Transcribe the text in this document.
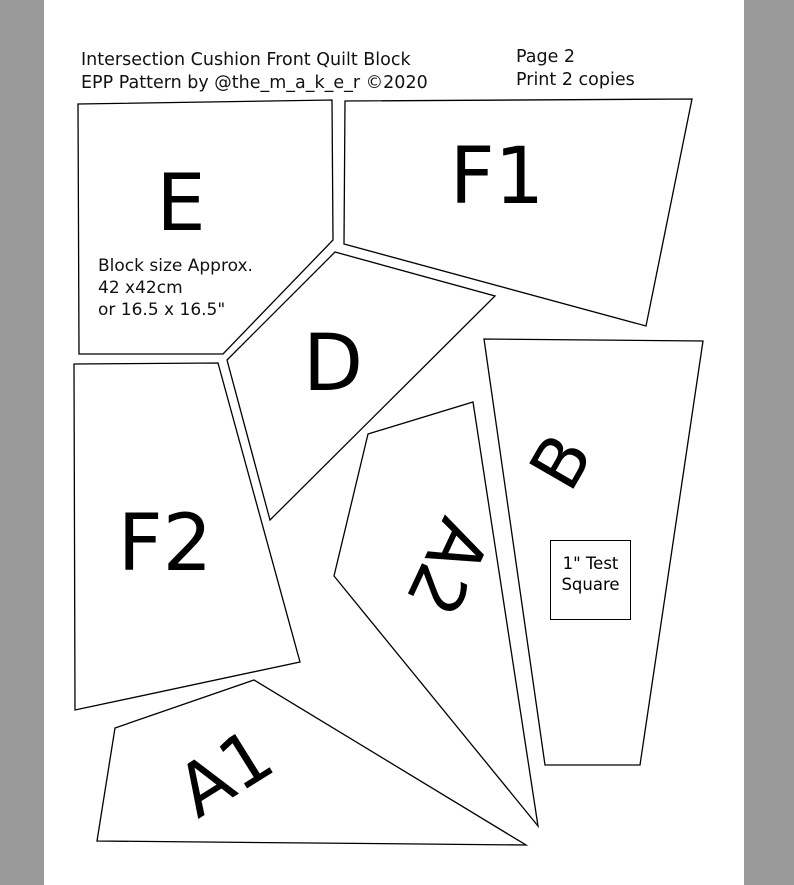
Intersection Cushion Front Quilt Block
EPP Pattern by @the_m_a_k_e_r ©2020
Page 2
Print 2 copies
E	F1
D
F2 A2
B
A1
Block size Approx.
42 x42cm
or 16.5 x 16.5"
1" Test
Square
